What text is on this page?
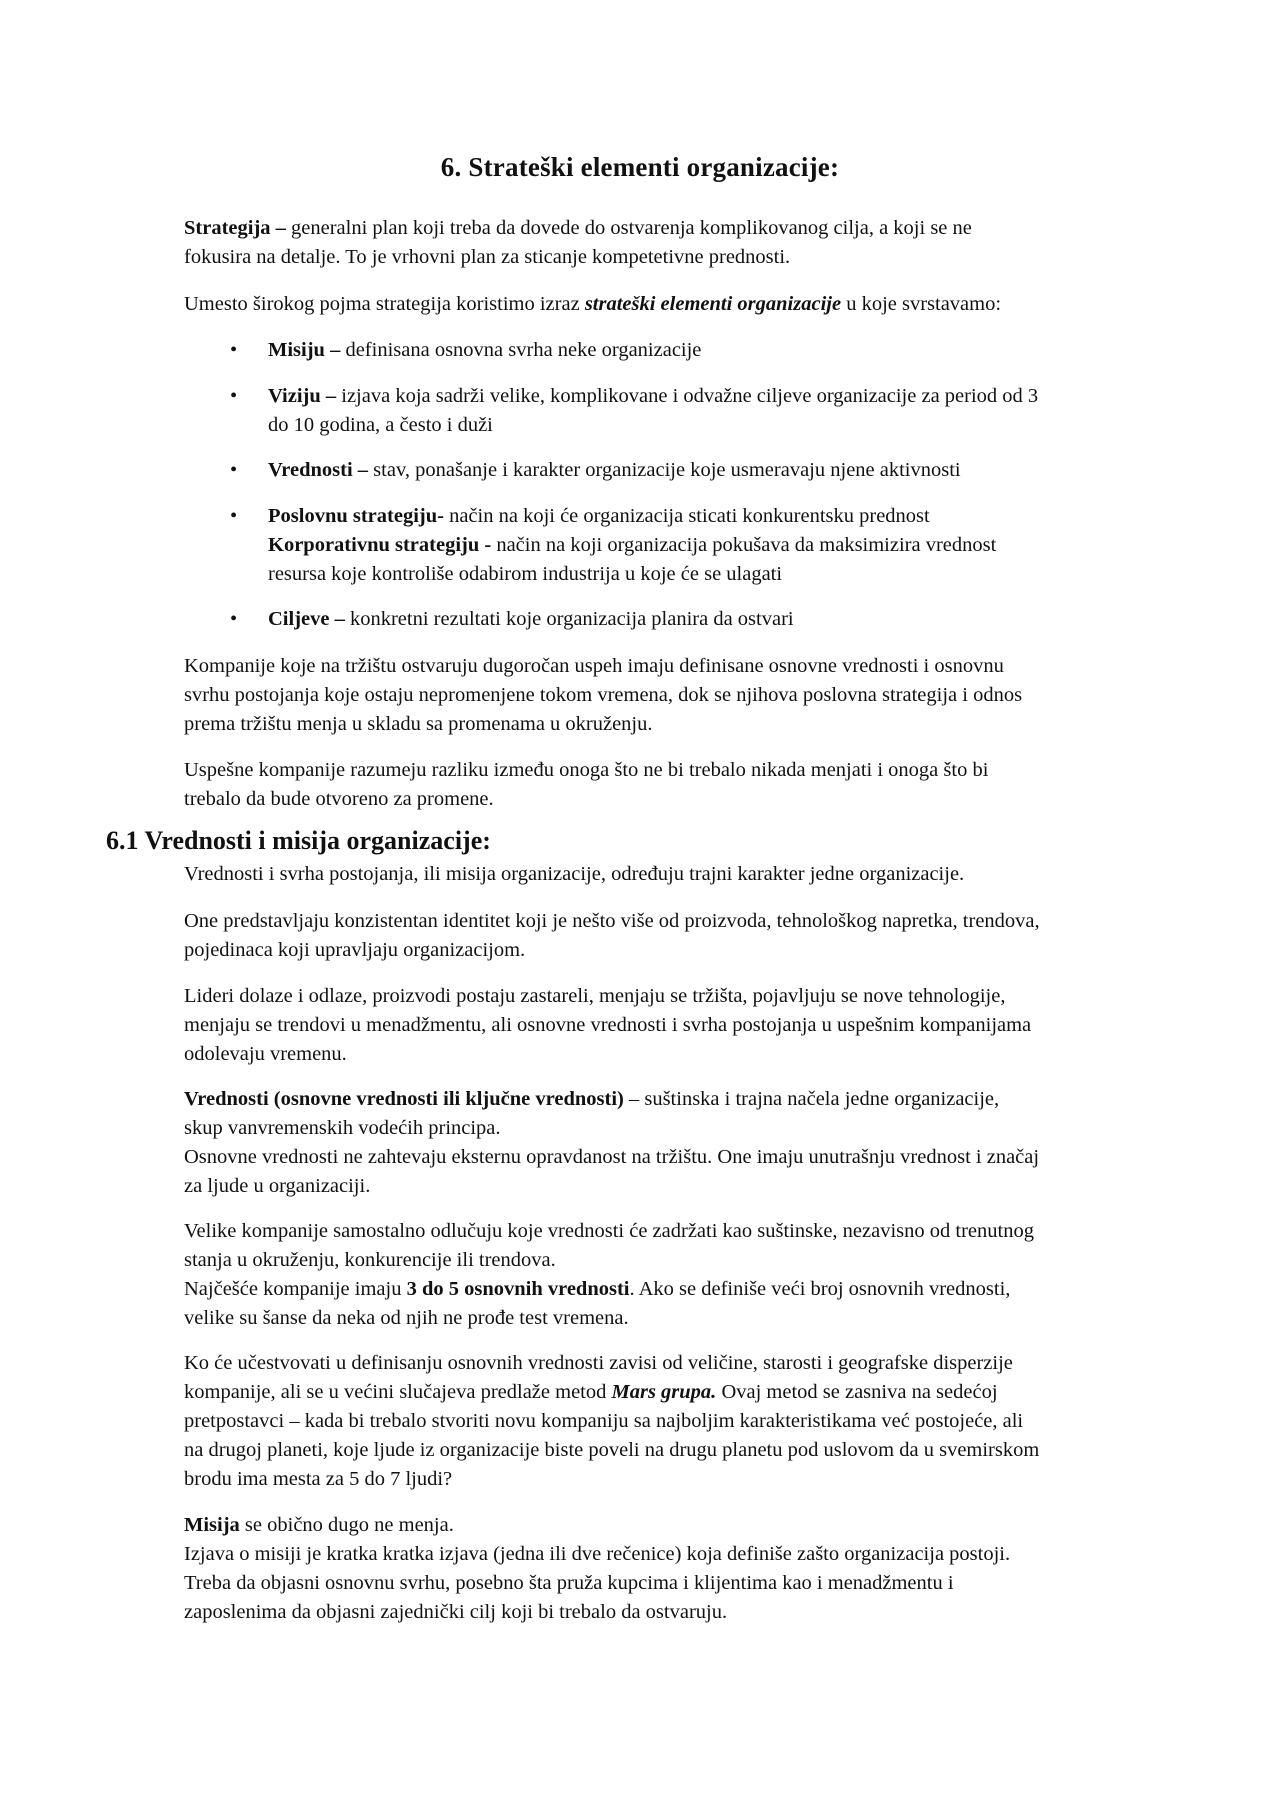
6. Strateški elementi organizacije:

Strategija – generalni plan koji treba da dovede do ostvarenja komplikovanog cilja, a koji se ne
fokusira na detalje. To je vrhovni plan za sticanje kompetetivne prednosti.

Umesto širokog pojma strategija koristimo izraz strateški elementi organizacije u koje svrstavamo:

• Misiju – definisana osnovna svrha neke organizacije

• Viziju – izjava koja sadrži velike, komplikovane i odvažne ciljeve organizacije za period od 3
do 10 godina, a često i duži

• Vrednosti – stav, ponašanje i karakter organizacije koje usmeravaju njene aktivnosti

• Poslovnu strategiju- način na koji će organizacija sticati konkurentsku prednost
Korporativnu strategiju - način na koji organizacija pokušava da maksimizira vrednost
resursa koje kontroliše odabirom industrija u koje će se ulagati

• Ciljeve – konkretni rezultati koje organizacija planira da ostvari

Kompanije koje na tržištu ostvaruju dugoročan uspeh imaju definisane osnovne vrednosti i osnovnu
svrhu postojanja koje ostaju nepromenjene tokom vremena, dok se njihova poslovna strategija i odnos
prema tržištu menja u skladu sa promenama u okruženju.

Uspešne kompanije razumeju razliku između onoga što ne bi trebalo nikada menjati i onoga što bi
trebalo da bude otvoreno za promene.

6.1 Vrednosti i misija organizacije:

Vrednosti i svrha postojanja, ili misija organizacije, određuju trajni karakter jedne organizacije.

One predstavljaju konzistentan identitet koji je nešto više od proizvoda, tehnološkog napretka, trendova,
pojedinaca koji upravljaju organizacijom.

Lideri dolaze i odlaze, proizvodi postaju zastareli, menjaju se tržišta, pojavljuju se nove tehnologije,
menjaju se trendovi u menadžmentu, ali osnovne vrednosti i svrha postojanja u uspešnim kompanijama
odolevaju vremenu.

Vrednosti (osnovne vrednosti ili ključne vrednosti) – suštinska i trajna načela jedne organizacije,
skup vanvremenskih vodećih principa.
Osnovne vrednosti ne zahtevaju eksternu opravdanost na tržištu. One imaju unutrašnju vrednost i značaj
za ljude u organizaciji.

Velike kompanije samostalno odlučuju koje vrednosti će zadržati kao suštinske, nezavisno od trenutnog
stanja u okruženju, konkurencije ili trendova.
Najčešće kompanije imaju 3 do 5 osnovnih vrednosti. Ako se definiše veći broj osnovnih vrednosti,
velike su šanse da neka od njih ne prođe test vremena.

Ko će učestvovati u definisanju osnovnih vrednosti zavisi od veličine, starosti i geografske disperzije
kompanije, ali se u većini slučajeva predlaže metod Mars grupa. Ovaj metod se zasniva na sedećoj
pretpostavci – kada bi trebalo stvoriti novu kompaniju sa najboljim karakteristikama već postojeće, ali
na drugoj planeti, koje ljude iz organizacije biste poveli na drugu planetu pod uslovom da u svemirskom
brodu ima mesta za 5 do 7 ljudi?

Misija se obično dugo ne menja.
Izjava o misiji je kratka kratka izjava (jedna ili dve rečenice) koja definiše zašto organizacija postoji.
Treba da objasni osnovnu svrhu, posebno šta pruža kupcima i klijentima kao i menadžmentu i
zaposlenima da objasni zajednički cilj koji bi trebalo da ostvaruju.
